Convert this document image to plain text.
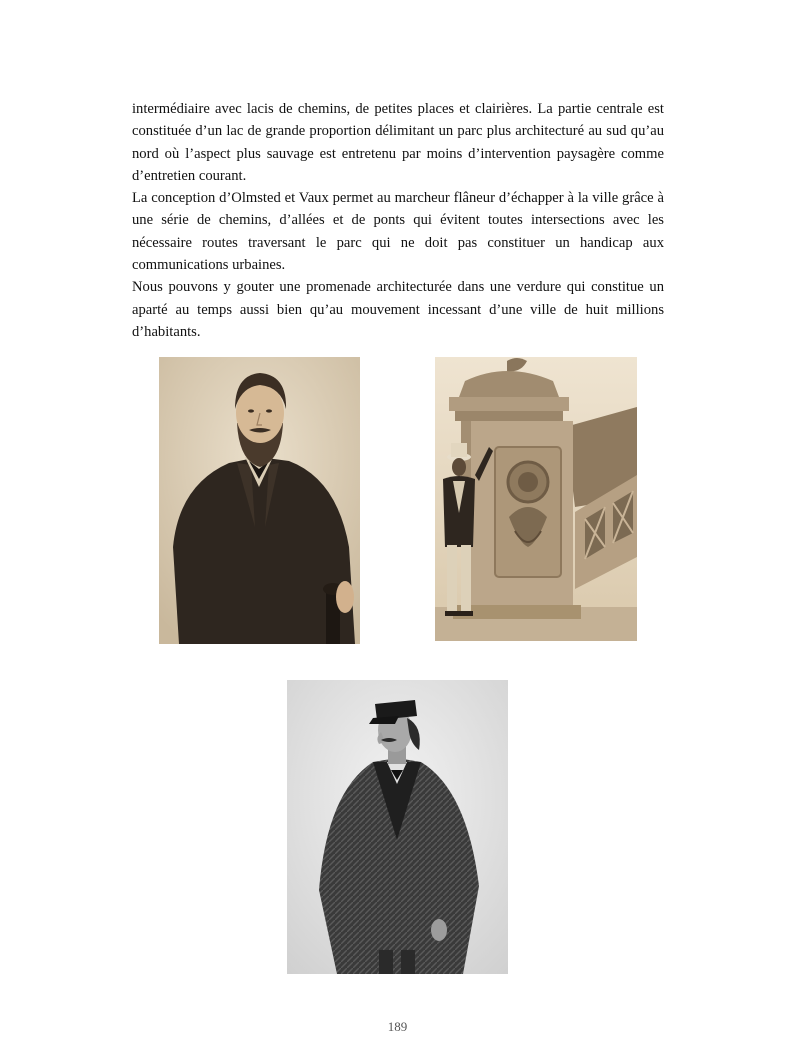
intermédiaire avec lacis de chemins, de petites places et clairières. La partie centrale est constituée d’un lac de grande proportion délimitant un parc plus architecturé au sud qu’au nord où l’aspect plus sauvage est entretenu par moins d’intervention paysagère comme d’entretien courant.

La conception d’Olmsted et Vaux permet au marcheur flâneur d’échapper à la ville grâce à une série de chemins, d’allées et de ponts qui évitent toutes intersections avec les nécessaire routes traversant le parc qui ne doit pas constituer un handicap aux communications urbaines.

Nous pouvons y gouter une promenade architecturée dans une verdure qui constitue un aparté au temps aussi bien qu’au mouvement incessant d’une ville de huit millions d’habitants.

189
